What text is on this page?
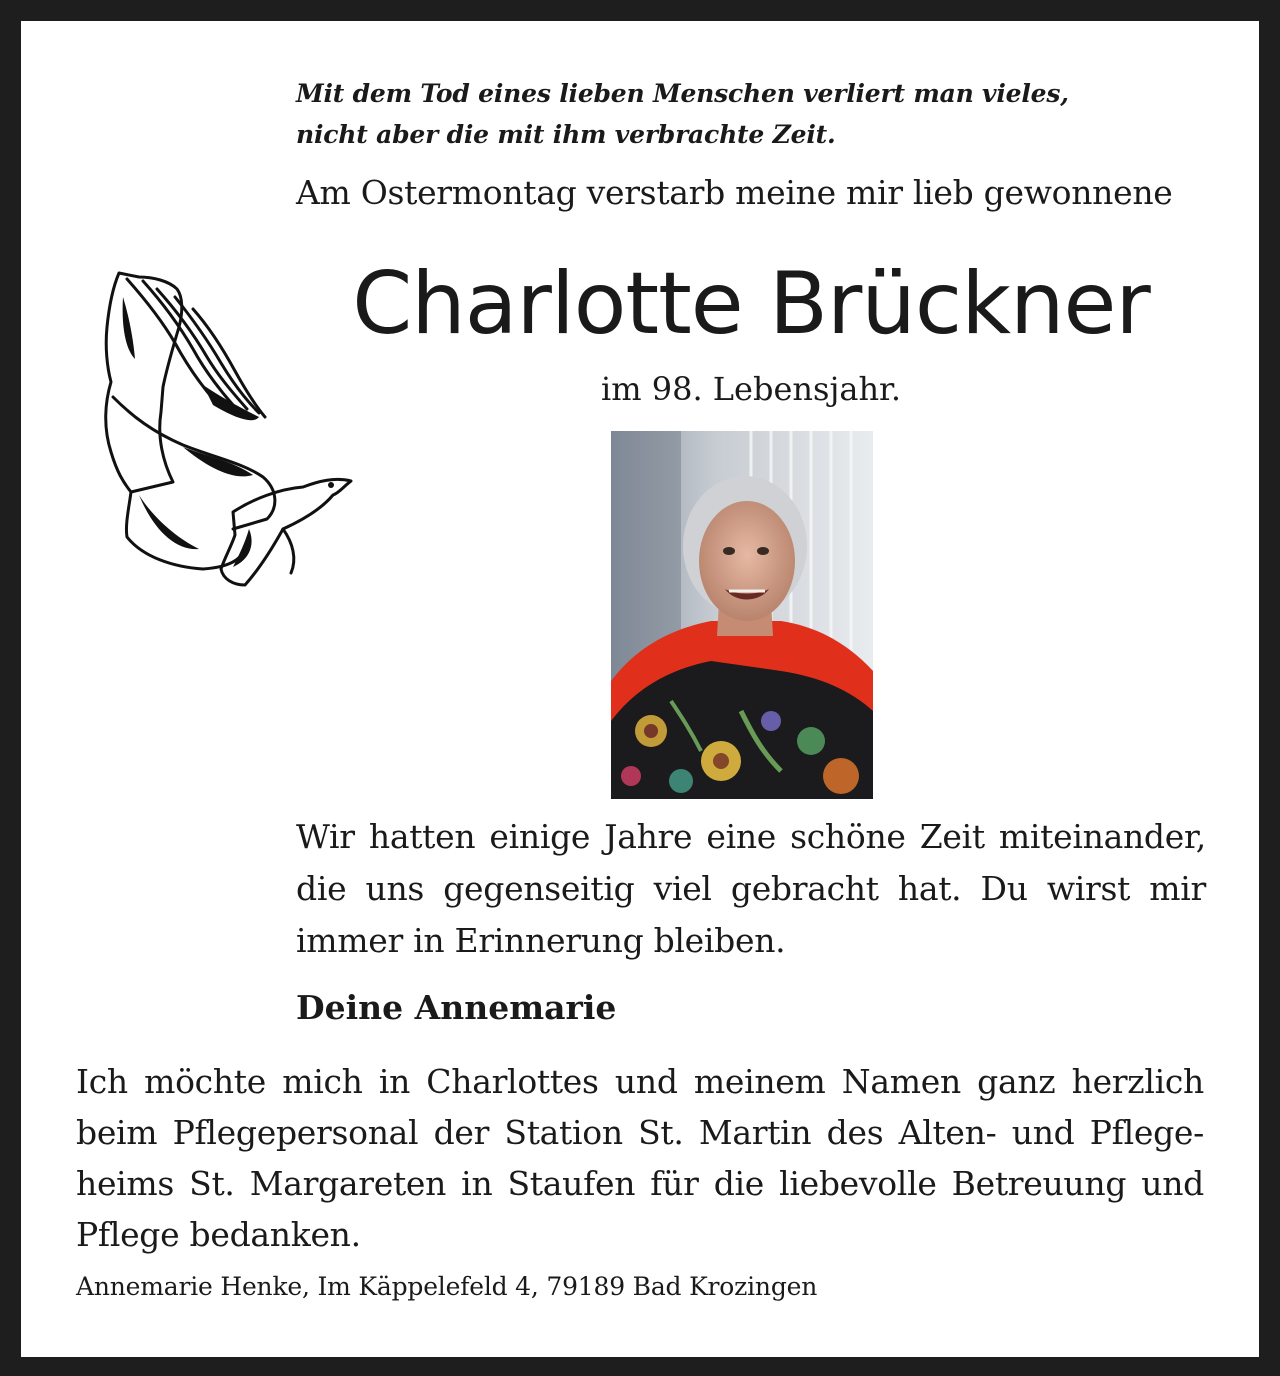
Mit dem Tod eines lieben Menschen verliert man vieles,
nicht aber die mit ihm verbrachte Zeit.
Am Ostermontag verstarb meine mir lieb gewonnene
Charlotte Brückner
im 98. Lebensjahr.
Wir hatten einige Jahre eine schöne Zeit miteinander,
die uns gegenseitig viel gebracht hat. Du wirst mir
immer in Erinnerung bleiben.
Deine Annemarie
Ich möchte mich in Charlottes und meinem Namen ganz herzlich
beim Pflegepersonal der Station St. Martin des Alten- und Pflege-
heims St. Margareten in Staufen für die liebevolle Betreuung und
Pflege bedanken.
Annemarie Henke, Im Käppelefeld 4, 79189 Bad Krozingen
